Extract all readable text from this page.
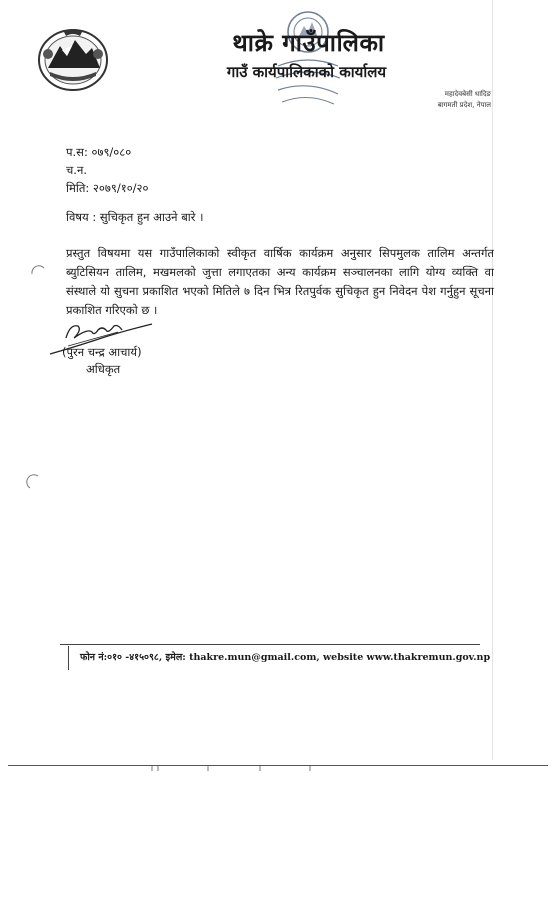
थाक्रे गाउँपालिका
गाउँ कार्यपालिकाको कार्यालय
महादेवबेसी धादिङ
बागमती प्रदेश, नेपाल
प.स: ०७९/०८०
च.न.
मिति: २०७९/१०/२०
विषय : सुचिकृत हुन आउने बारे ।
प्रस्तुत विषयमा यस गाउँपालिकाको स्वीकृत वार्षिक कार्यक्रम अनुसार सिपमुलक तालिम अन्तर्गत ब्युटिसियन तालिम, मखमलको जुत्ता लगाएतका अन्य कार्यक्रम सञ्चालनका लागि योग्य व्यक्ति वा संस्थाले यो सुचना प्रकाशित भएको मितिले ७ दिन भित्र रितपुर्वक सुचिकृत हुन निवेदन पेश गर्नुहुन सूचना प्रकाशित गरिएको छ ।
(पुरन चन्द्र आचार्य)
अधिकृत
फोन नं:०१० -४१५०९८, इमेल: thakre.mun@gmail.com, website www.thakremun.gov.np
